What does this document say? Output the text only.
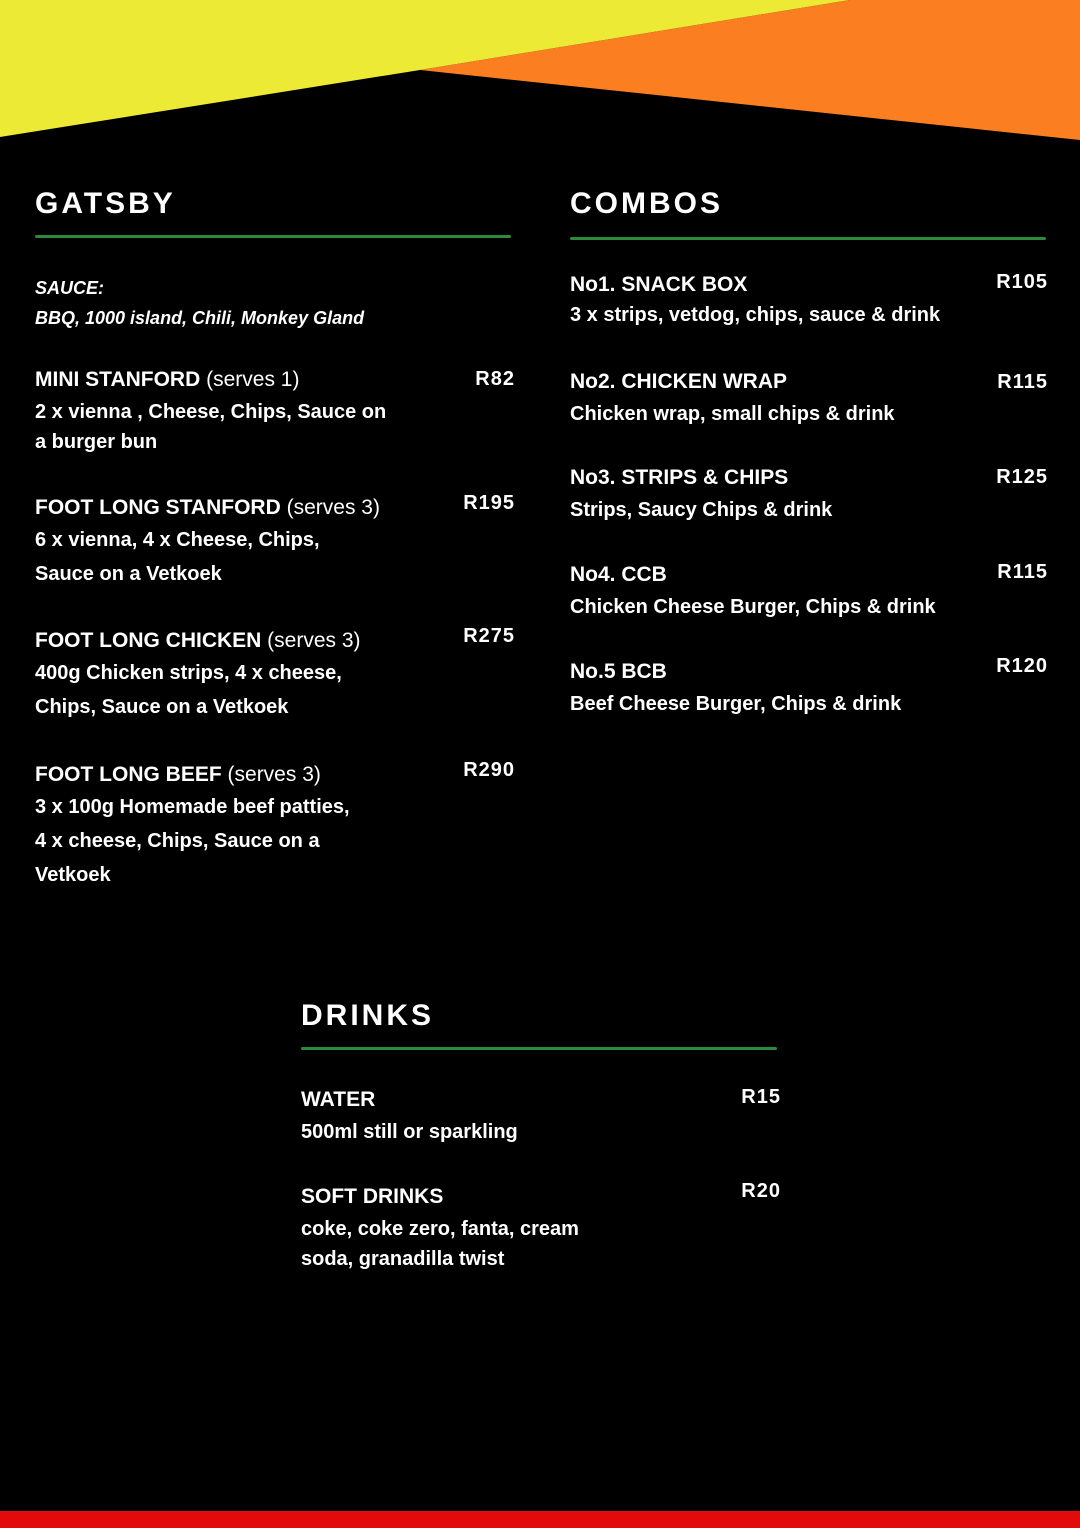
GATSBY
SAUCE:
BBQ, 1000 island, Chili, Monkey Gland
MINI STANFORD (serves 1)
2 x vienna , Cheese, Chips, Sauce on
a burger bun
R82
FOOT LONG STANFORD (serves 3)
6 x vienna, 4 x Cheese, Chips,
Sauce on a Vetkoek
R195
FOOT LONG CHICKEN (serves 3)
400g Chicken strips, 4 x cheese,
Chips, Sauce on a Vetkoek
R275
FOOT LONG BEEF (serves 3)
3 x 100g Homemade beef patties,
4 x cheese, Chips, Sauce on a
Vetkoek
R290
COMBOS
No1. SNACK BOX
3 x strips, vetdog, chips, sauce & drink
R105
No2. CHICKEN WRAP
Chicken wrap, small chips & drink
R115
No3. STRIPS & CHIPS
Strips, Saucy Chips & drink
R125
No4. CCB
Chicken Cheese Burger, Chips & drink
R115
No.5 BCB
Beef Cheese Burger, Chips & drink
R120
DRINKS
WATER
500ml still or sparkling
R15
SOFT DRINKS
coke, coke zero, fanta, cream
soda, granadilla twist
R20
